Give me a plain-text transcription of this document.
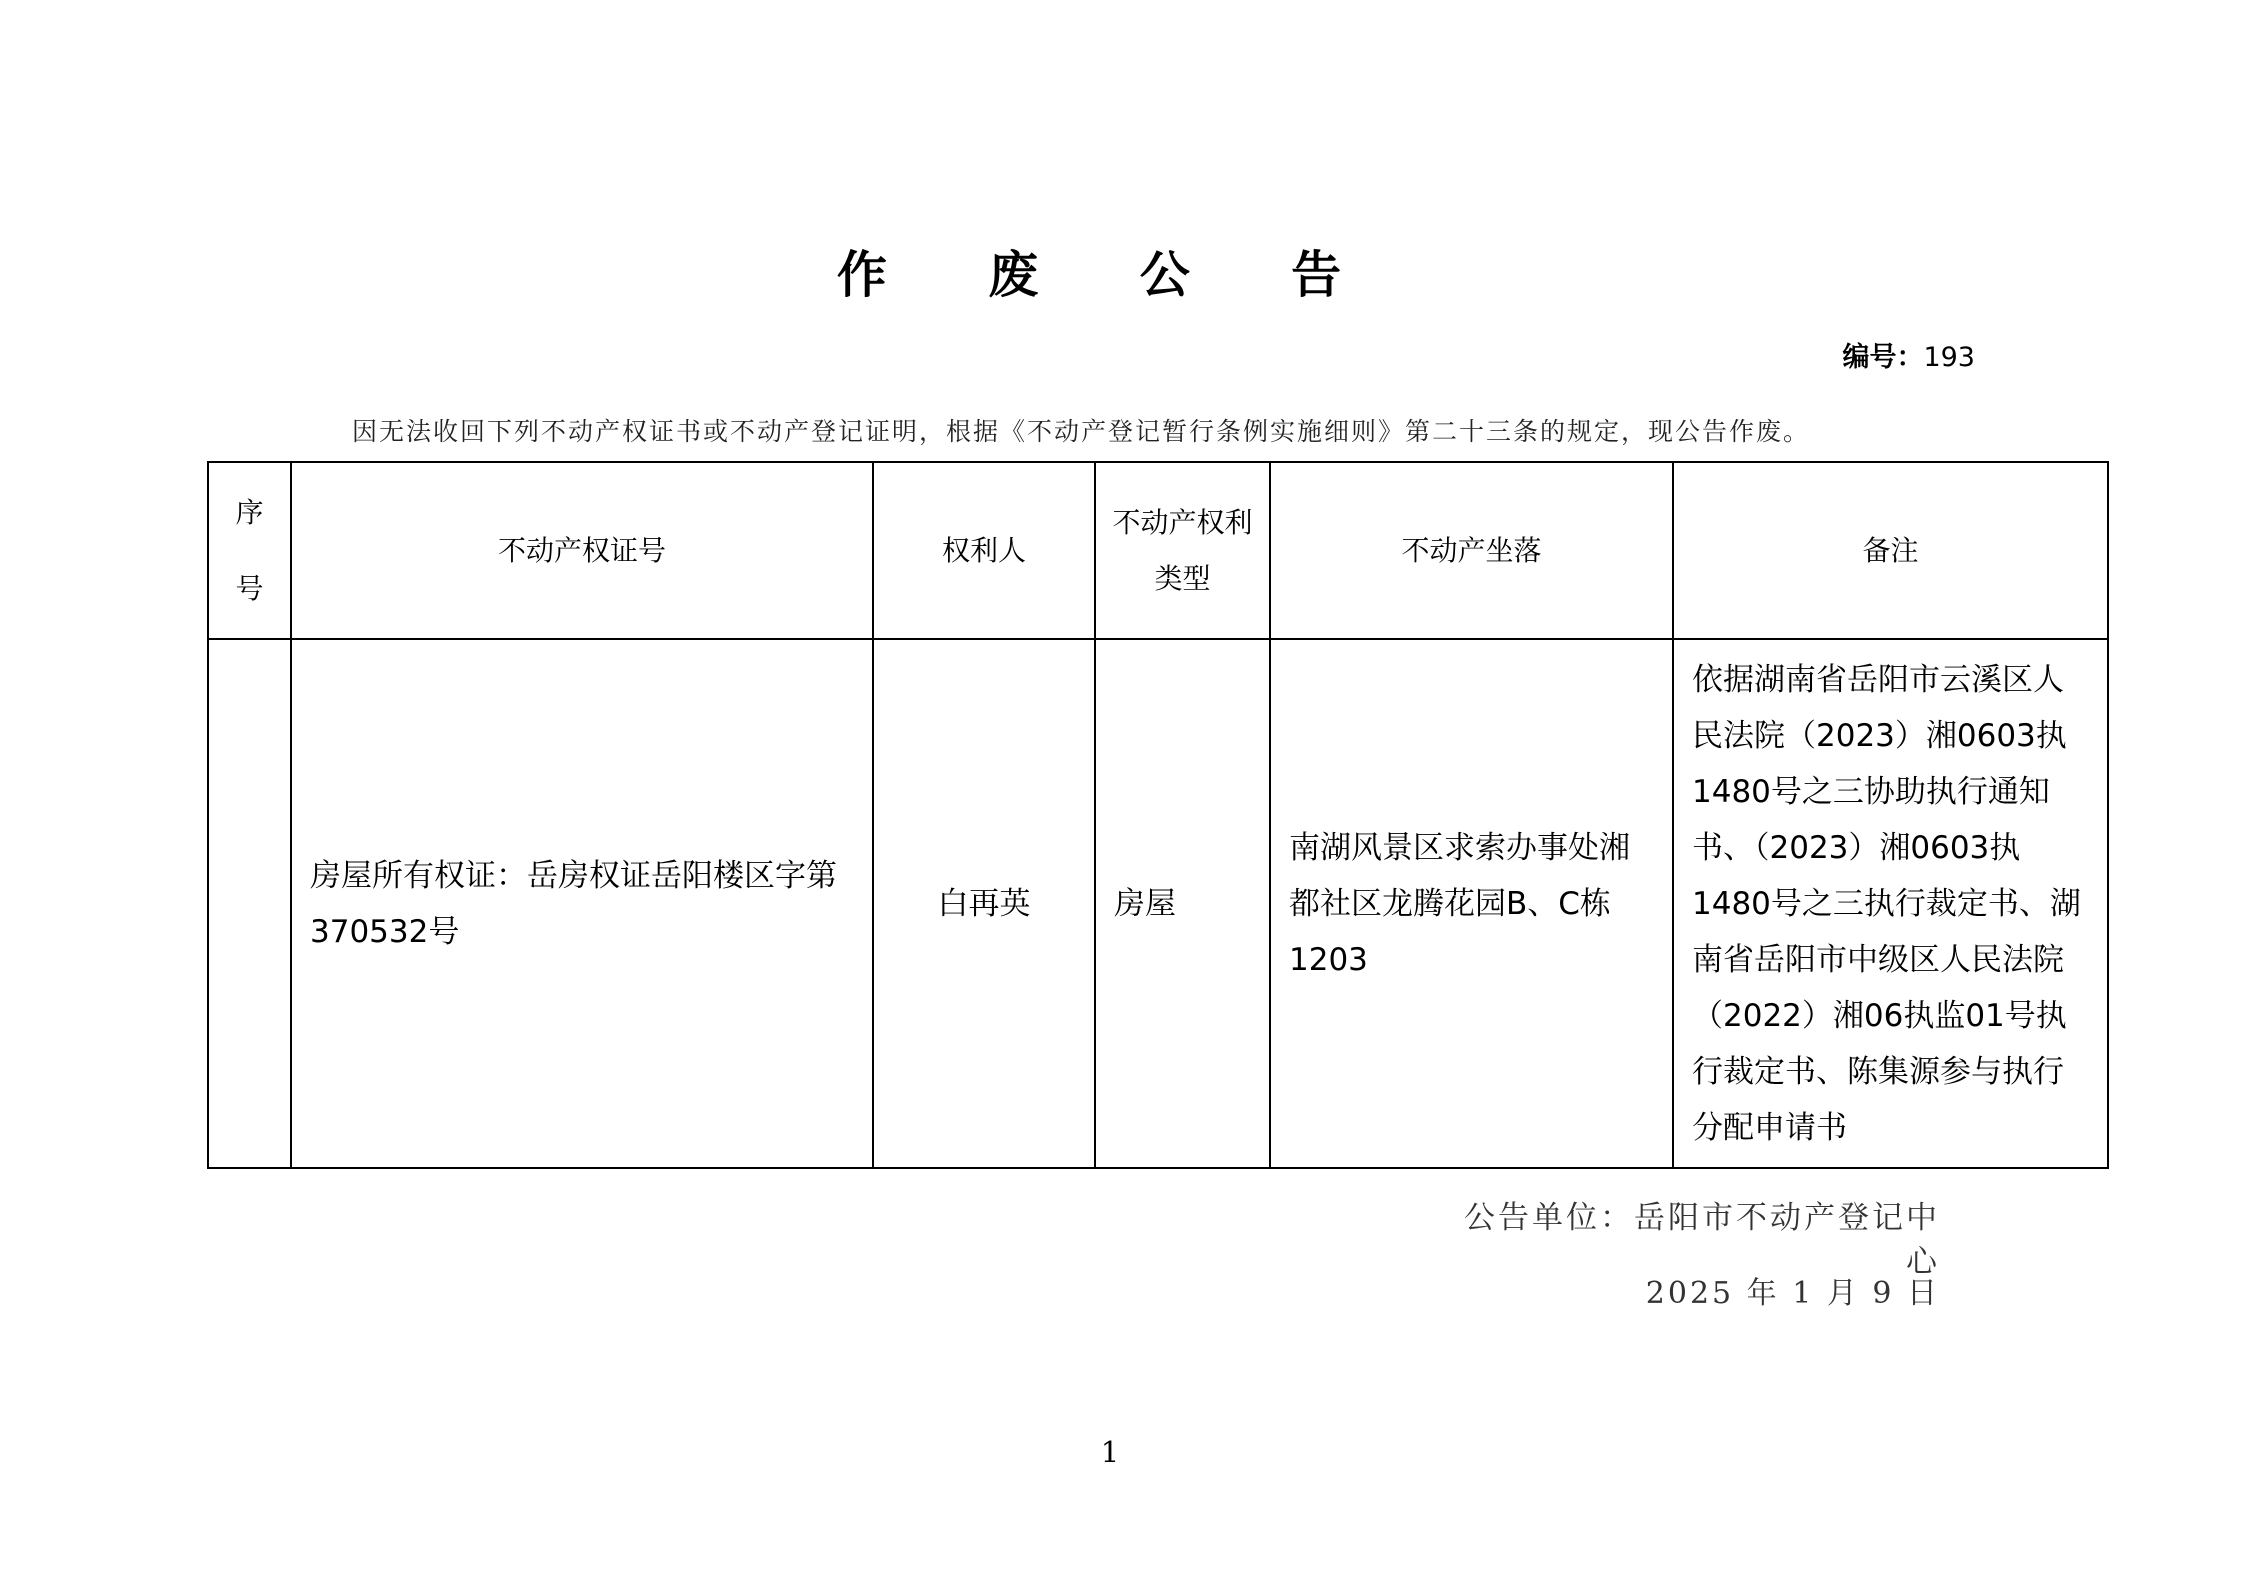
作 废 公 告
编号：193
因无法收回下列不动产权证书或不动产登记证明，根据《不动产登记暂行条例实施细则》第二十三条的规定，现公告作废。
序
号	不动产权证号	权利人	不动产权利类型	不动产坐落	备注
	房屋所有权证：岳房权证岳阳楼区字第370532号	白再英	房屋	南湖风景区求索办事处湘都社区龙腾花园B、C栋1203	依据湖南省岳阳市云溪区人民法院（2023）湘0603执1480号之三协助执行通知书、（2023）湘0603执1480号之三执行裁定书、湖南省岳阳市中级区人民法院（2022）湘06执监01号执行裁定书、陈集源参与执行分配申请书
公告单位：岳阳市不动产登记中心
2025 年 1 月 9 日
1
